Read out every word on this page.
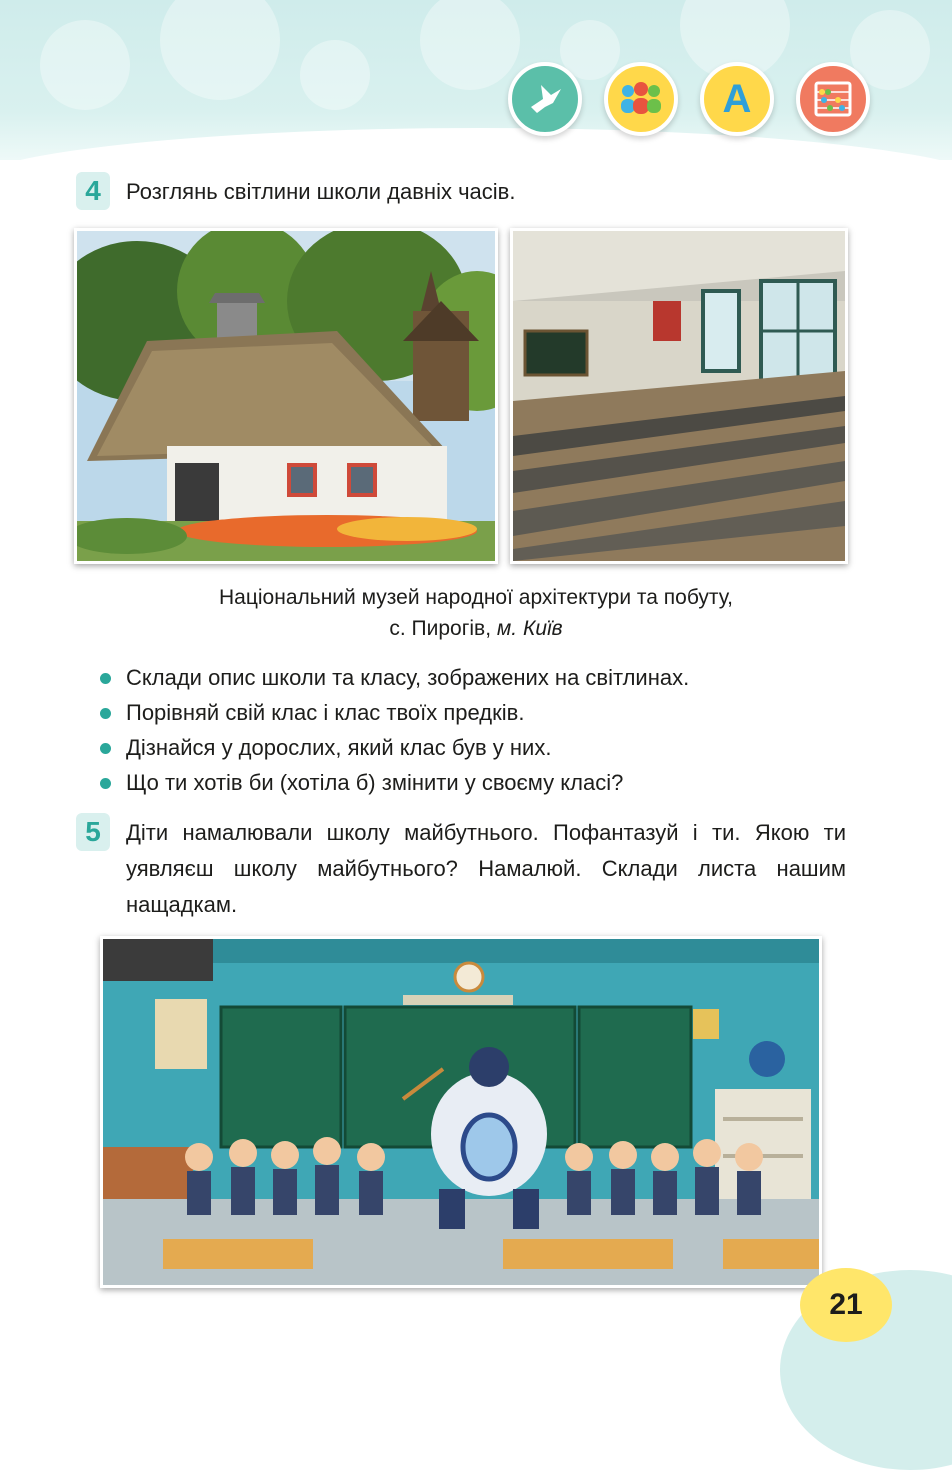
A
4	Розглянь світлини школи давніх часів.
Національний музей народної архітектури та побуту,
с. Пирогів, м. Київ
Склади опис школи та класу, зображених на світлинах.
Порівняй свій клас і клас твоїх предків.
Дізнайся у дорослих, який клас був у них.
Що ти хотів би (хотіла б) змінити у своєму класі?
5	Діти намалювали школу майбутнього. Пофантазуй і ти. Якою ти уявляєш школу майбутнього? Намалюй. Склади листа нашим нащадкам.
21
